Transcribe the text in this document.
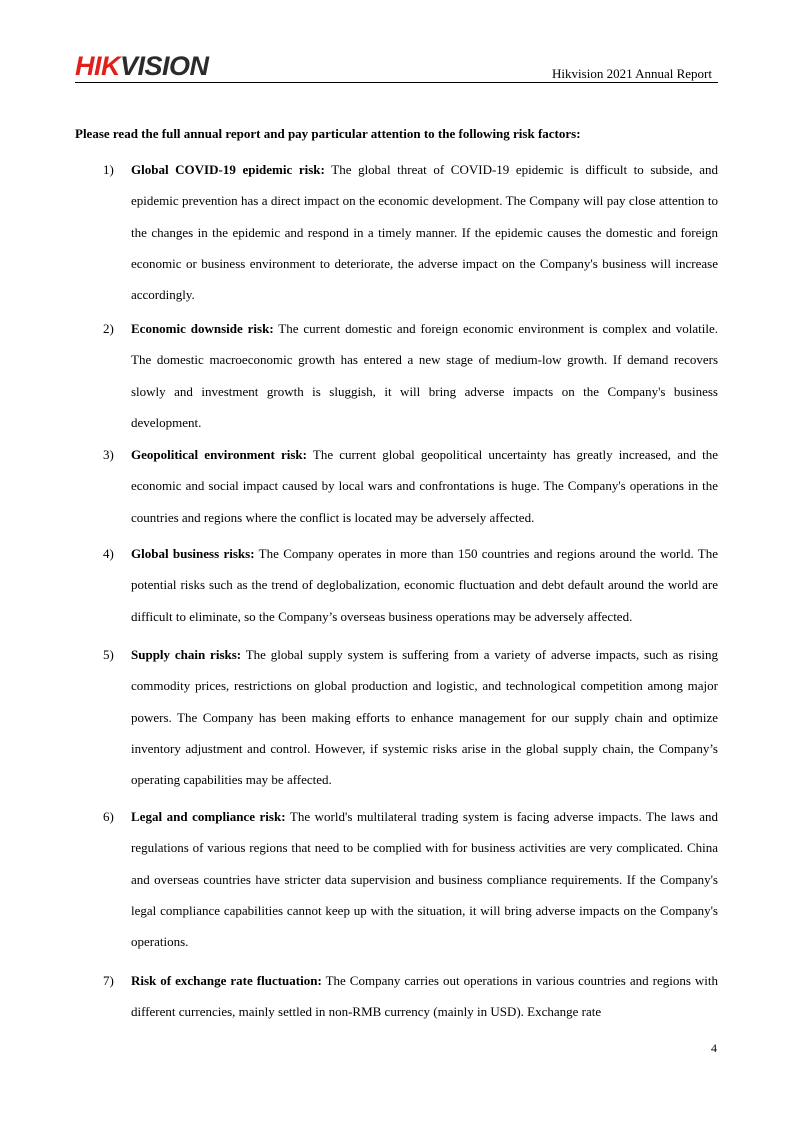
HIKVISION	Hikvision 2021 Annual Report
Please read the full annual report and pay particular attention to the following risk factors:
1) Global COVID-19 epidemic risk: The global threat of COVID-19 epidemic is difficult to subside, and epidemic prevention has a direct impact on the economic development. The Company will pay close attention to the changes in the epidemic and respond in a timely manner. If the epidemic causes the domestic and foreign economic or business environment to deteriorate, the adverse impact on the Company's business will increase accordingly.
2) Economic downside risk: The current domestic and foreign economic environment is complex and volatile. The domestic macroeconomic growth has entered a new stage of medium-low growth. If demand recovers slowly and investment growth is sluggish, it will bring adverse impacts on the Company's business development.
3) Geopolitical environment risk: The current global geopolitical uncertainty has greatly increased, and the economic and social impact caused by local wars and confrontations is huge. The Company's operations in the countries and regions where the conflict is located may be adversely affected.
4) Global business risks: The Company operates in more than 150 countries and regions around the world. The potential risks such as the trend of deglobalization, economic fluctuation and debt default around the world are difficult to eliminate, so the Company’s overseas business operations may be adversely affected.
5) Supply chain risks: The global supply system is suffering from a variety of adverse impacts, such as rising commodity prices, restrictions on global production and logistic, and technological competition among major powers. The Company has been making efforts to enhance management for our supply chain and optimize inventory adjustment and control. However, if systemic risks arise in the global supply chain, the Company’s operating capabilities may be affected.
6) Legal and compliance risk: The world's multilateral trading system is facing adverse impacts. The laws and regulations of various regions that need to be complied with for business activities are very complicated. China and overseas countries have stricter data supervision and business compliance requirements. If the Company's legal compliance capabilities cannot keep up with the situation, it will bring adverse impacts on the Company's operations.
7) Risk of exchange rate fluctuation: The Company carries out operations in various countries and regions with different currencies, mainly settled in non-RMB currency (mainly in USD). Exchange rate
4
